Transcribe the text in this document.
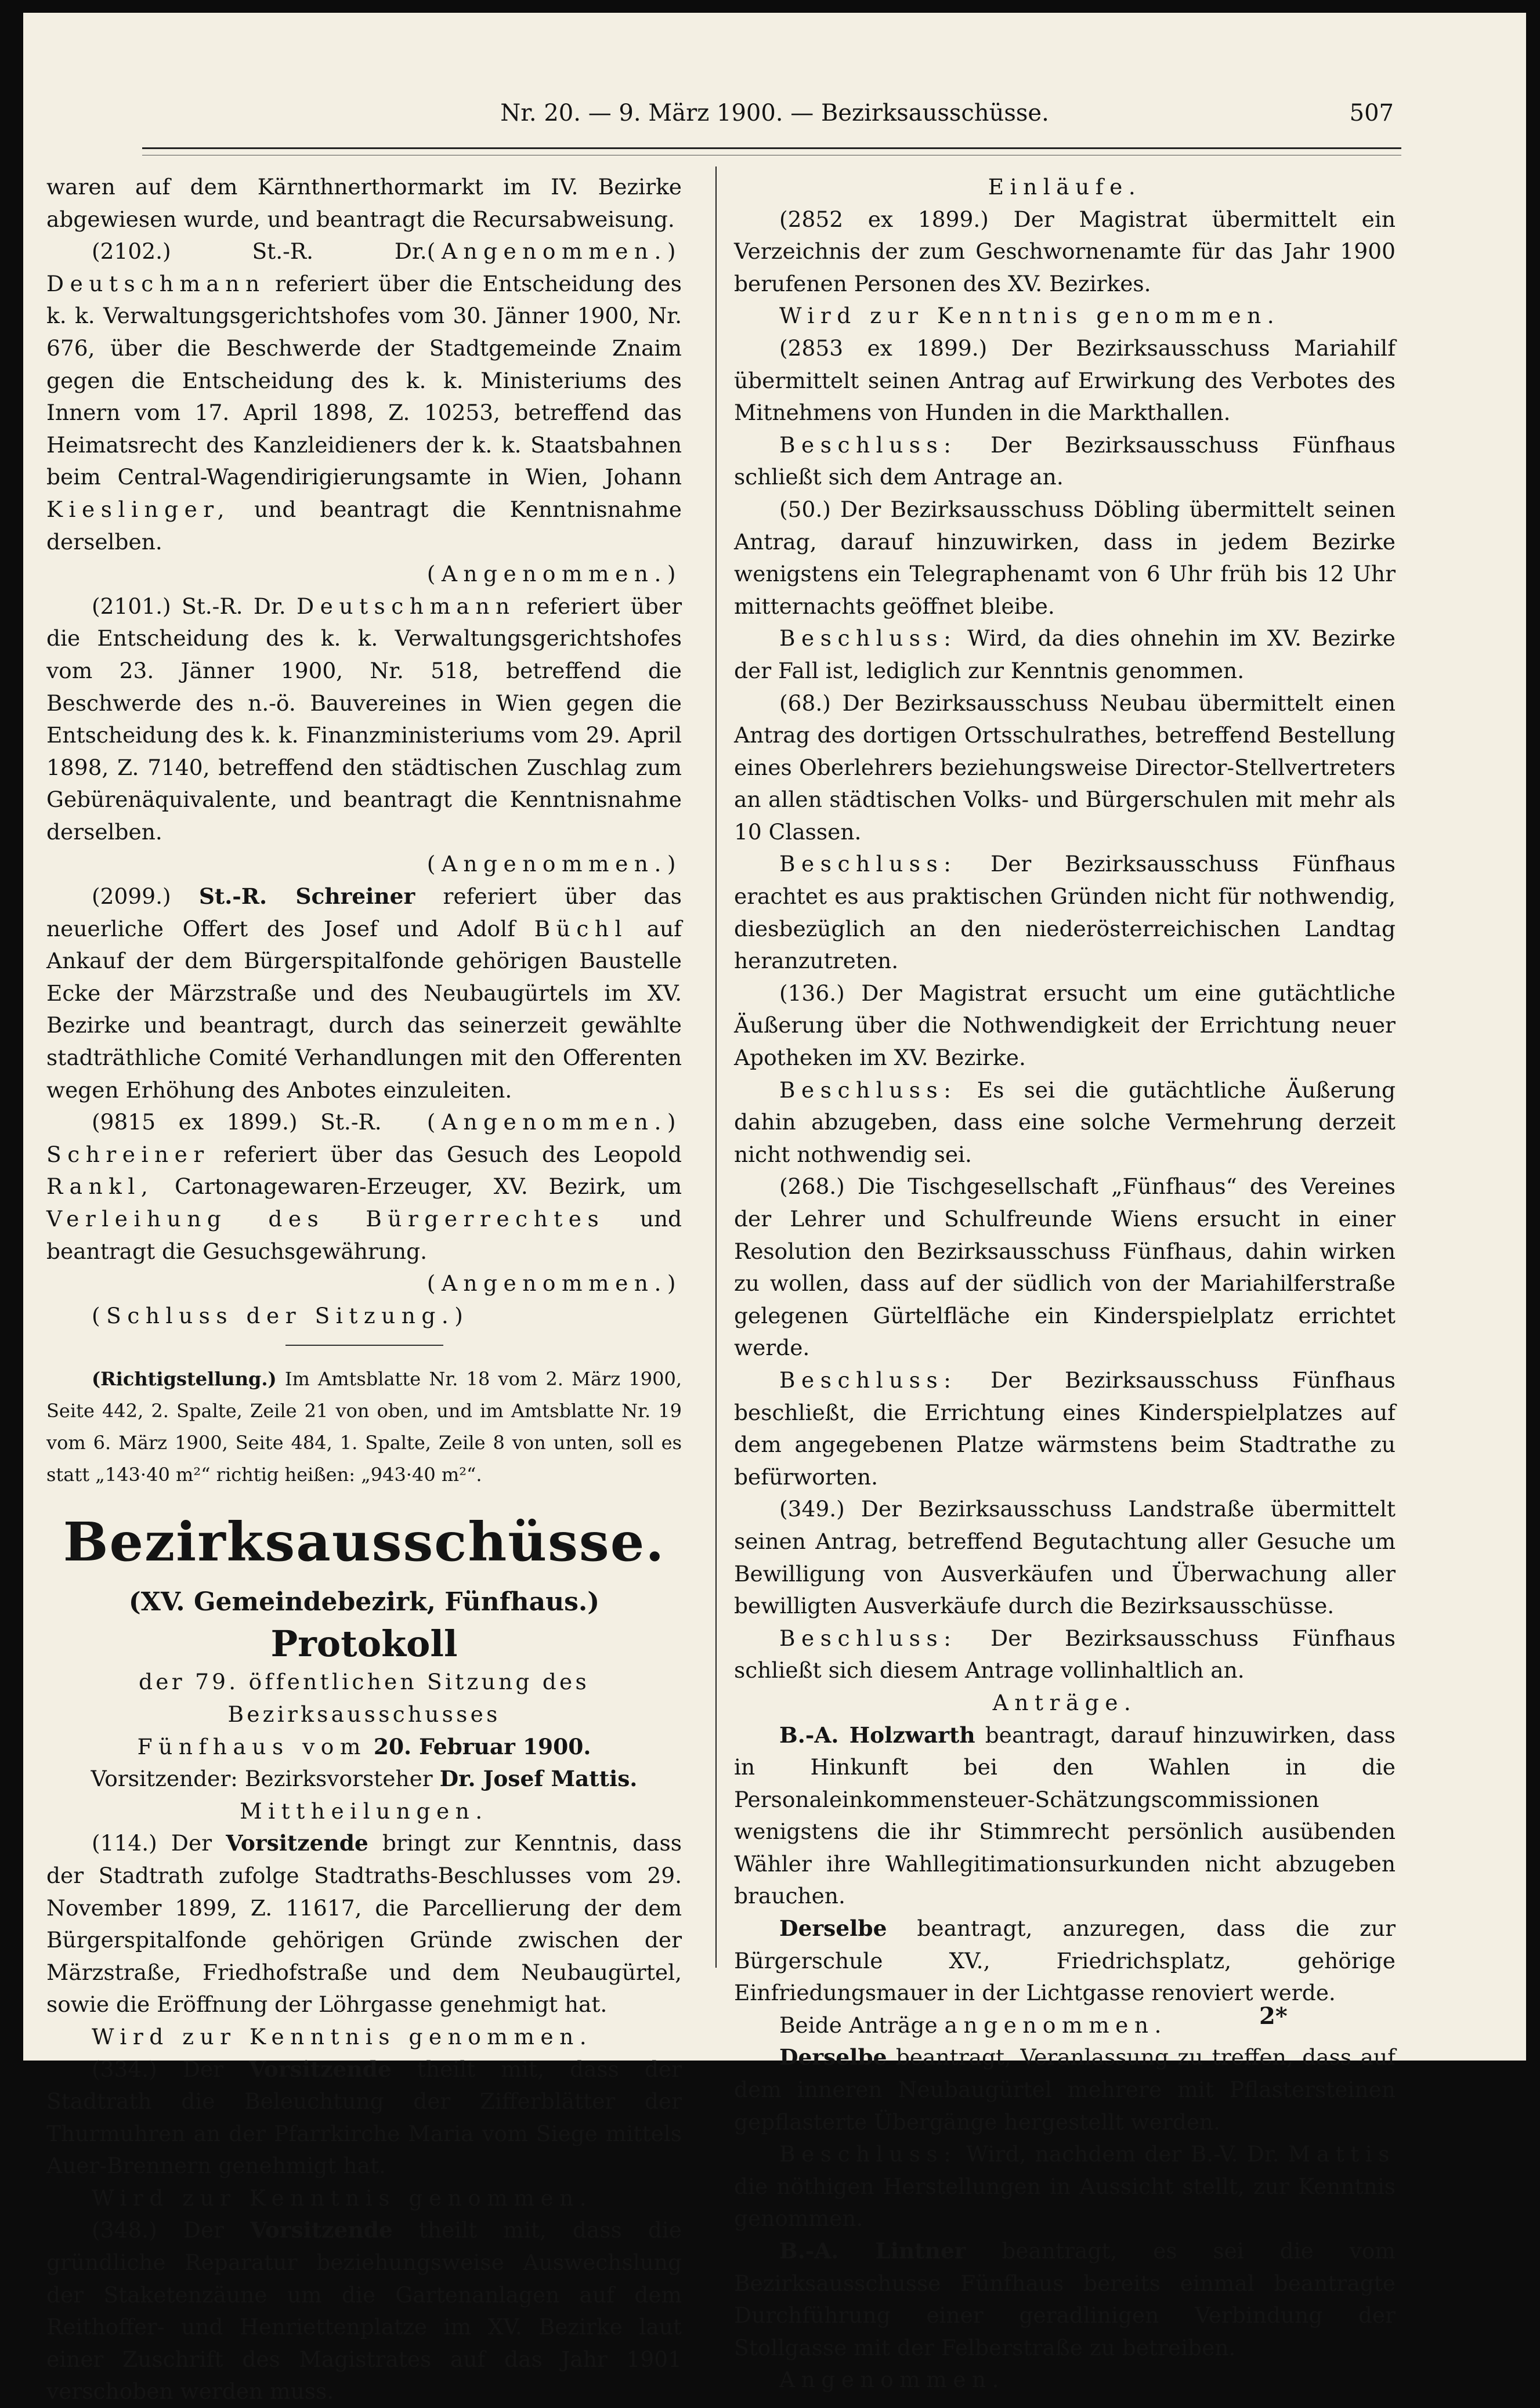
Nr. 20. — 9. März 1900. — Bezirksausschüsse.	507

waren auf dem Kärnthnerthormarkt im IV. Bezirke abgewiesen wurde, und beantragt die Recursabweisung.
(Angenommen.)

(2102.) St.-R. Dr. Deutschmann referiert über die Entscheidung des k. k. Verwaltungsgerichtshofes vom 30. Jänner 1900, Nr. 676, über die Beschwerde der Stadtgemeinde Znaim gegen die Entscheidung des k. k. Ministeriums des Innern vom 17. April 1898, Z. 10253, betreffend das Heimatsrecht des Kanzleidieners der k. k. Staatsbahnen beim Central-Wagendirigierungsamte in Wien, Johann Kieslinger, und beantragt die Kenntnisnahme derselben.

(Angenommen.)

(2101.) St.-R. Dr. Deutschmann referiert über die Entscheidung des k. k. Verwaltungsgerichtshofes vom 23. Jänner 1900, Nr. 518, betreffend die Beschwerde des n.-ö. Bauvereines in Wien gegen die Entscheidung des k. k. Finanzministeriums vom 29. April 1898, Z. 7140, betreffend den städtischen Zuschlag zum Gebürenäquivalente, und beantragt die Kenntnisnahme derselben.

(Angenommen.)

(2099.) St.-R. Schreiner referiert über das neuerliche Offert des Josef und Adolf Büchl auf Ankauf der dem Bürgerspitalfonde gehörigen Baustelle Ecke der Märzstraße und des Neubaugürtels im XV. Bezirke und beantragt, durch das seinerzeit gewählte stadträthliche Comité Verhandlungen mit den Offerenten wegen Erhöhung des Anbotes einzuleiten.
(Angenommen.)

(9815 ex 1899.) St.-R. Schreiner referiert über das Gesuch des Leopold Rankl, Cartonagewaren-Erzeuger, XV. Bezirk, um Verleihung des Bürgerrechtes und beantragt die Gesuchsgewährung.

(Angenommen.)

(Schluss der Sitzung.)

(Richtigstellung.) Im Amtsblatte Nr. 18 vom 2. März 1900, Seite 442, 2. Spalte, Zeile 21 von oben, und im Amtsblatte Nr. 19 vom 6. März 1900, Seite 484, 1. Spalte, Zeile 8 von unten, soll es statt „143·40 m²“ richtig heißen: „943·40 m²“.

Bezirksausschüsse.
(XV. Gemeindebezirk, Fünfhaus.)
Protokoll

der 79. öffentlichen Sitzung des Bezirksausschusses

Fünfhaus vom 20. Februar 1900.

Vorsitzender: Bezirksvorsteher Dr. Josef Mattis.

Mittheilungen.

(114.) Der Vorsitzende bringt zur Kenntnis, dass der Stadtrath zufolge Stadtraths-Beschlusses vom 29. November 1899, Z. 11617, die Parcellierung der dem Bürgerspitalfonde gehörigen Gründe zwischen der Märzstraße, Friedhofstraße und dem Neubaugürtel, sowie die Eröffnung der Löhrgasse genehmigt hat.

Wird zur Kenntnis genommen.

(334.) Der Vorsitzende theilt mit, dass der Stadtrath die Beleuchtung der Zifferblätter der Thurmuhren an der Pfarrkirche Maria vom Siege mittels Auer-Brennern genehmigt hat.

Wird zur Kenntnis genommen.

(348.) Der Vorsitzende theilt mit, dass die gründliche Reparatur beziehungsweise Auswechslung der Staketenzäune um die Gartenanlagen auf dem Reithoffer- und Henriettenplatze im XV. Bezirke laut einer Zuschrift des Magistrates auf das Jahr 1901 verschoben werden muss.

Einläufe.

(2852 ex 1899.) Der Magistrat übermittelt ein Verzeichnis der zum Geschwornenamte für das Jahr 1900 berufenen Personen des XV. Bezirkes.

Wird zur Kenntnis genommen.

(2853 ex 1899.) Der Bezirksausschuss Mariahilf übermittelt seinen Antrag auf Erwirkung des Verbotes des Mitnehmens von Hunden in die Markthallen.

Beschluss: Der Bezirksausschuss Fünfhaus schließt sich dem Antrage an.

(50.) Der Bezirksausschuss Döbling übermittelt seinen Antrag, darauf hinzuwirken, dass in jedem Bezirke wenigstens ein Telegraphenamt von 6 Uhr früh bis 12 Uhr mitternachts geöffnet bleibe.

Beschluss: Wird, da dies ohnehin im XV. Bezirke der Fall ist, lediglich zur Kenntnis genommen.

(68.) Der Bezirksausschuss Neubau übermittelt einen Antrag des dortigen Ortsschulrathes, betreffend Bestellung eines Oberlehrers beziehungsweise Director-Stellvertreters an allen städtischen Volks- und Bürgerschulen mit mehr als 10 Classen.

Beschluss: Der Bezirksausschuss Fünfhaus erachtet es aus praktischen Gründen nicht für nothwendig, diesbezüglich an den niederösterreichischen Landtag heranzutreten.

(136.) Der Magistrat ersucht um eine gutächtliche Äußerung über die Nothwendigkeit der Errichtung neuer Apotheken im XV. Bezirke.

Beschluss: Es sei die gutächtliche Äußerung dahin abzugeben, dass eine solche Vermehrung derzeit nicht nothwendig sei.

(268.) Die Tischgesellschaft „Fünfhaus“ des Vereines der Lehrer und Schulfreunde Wiens ersucht in einer Resolution den Bezirksausschuss Fünfhaus, dahin wirken zu wollen, dass auf der südlich von der Mariahilferstraße gelegenen Gürtelfläche ein Kinderspielplatz errichtet werde.

Beschluss: Der Bezirksausschuss Fünfhaus beschließt, die Errichtung eines Kinderspielplatzes auf dem angegebenen Platze wärmstens beim Stadtrathe zu befürworten.

(349.) Der Bezirksausschuss Landstraße übermittelt seinen Antrag, betreffend Begutachtung aller Gesuche um Bewilligung von Ausverkäufen und Überwachung aller bewilligten Ausverkäufe durch die Bezirksausschüsse.

Beschluss: Der Bezirksausschuss Fünfhaus schließt sich diesem Antrage vollinhaltlich an.

Anträge.

B.-A. Holzwarth beantragt, darauf hinzuwirken, dass in Hinkunft bei den Wahlen in die Personaleinkommensteuer-Schätzungscommissionen wenigstens die ihr Stimmrecht persönlich ausübenden Wähler ihre Wahllegitimationsurkunden nicht abzugeben brauchen.

Derselbe beantragt, anzuregen, dass die zur Bürgerschule XV., Friedrichsplatz, gehörige Einfriedungsmauer in der Lichtgasse renoviert werde.

Beide Anträge angenommen.

Derselbe beantragt, Veranlassung zu treffen, dass auf dem inneren Neubaugürtel mehrere mit Pflastersteinen gepflasterte Übergänge hergestellt werden.

Beschluss: Wird, nachdem der B.-V. Dr. Mattis die nöthigen Herstellungen in Aussicht stellt, zur Kenntnis genommen.

B.-A. Lintner beantragt, es sei die vom Bezirksausschusse Fünfhaus bereits einmal beantragte Durchführung einer geradlinigen Verbindung der Stollgasse mit der Felberstraße zu betreiben.

Angenommen.

2*
